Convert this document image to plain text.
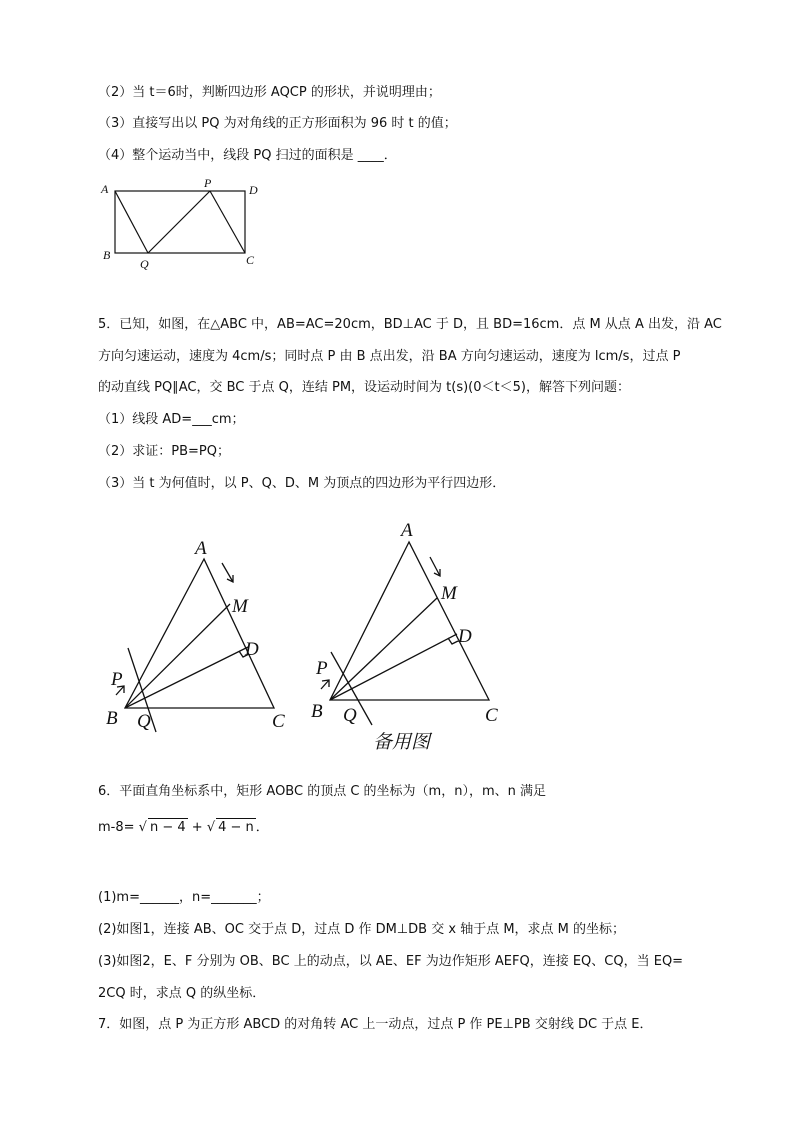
（2）当 t＝6时，判断四边形 AQCP 的形状，并说明理由；
（3）直接写出以 PQ 为对角线的正方形面积为 96 时 t 的值；
（4）整个运动当中，线段 PQ 扫过的面积是 ____．
A	P	D
B
Q	C
5．已知，如图，在△ABC 中，AB=AC=20cm，BD⊥AC 于 D，且 BD=16cm．点 M 从点 A 出发，沿 AC
方向匀速运动，速度为 4cm/s；同时点 P 由 B 点出发，沿 BA 方向匀速运动，速度为 lcm/s，过点 P
的动直线 PQ∥AC，交 BC 于点 Q，连结 PM，设运动时间为 t(s)(0＜t＜5)，解答下列问题：
（1）线段 AD=___cm；
（2）求证：PB=PQ；
（3）当 t 为何值时，以 P、Q、D、M 为顶点的四边形为平行四边形．
A
M
D
P
B Q	C
A
M
D
P
B Q	C
备用图
6．平面直角坐标系中，矩形 AOBC 的顶点 C 的坐标为（m，n），m、n 满足
m-8= √ n − 4 + √ 4 − n ．
(1)m=______，n=_______；
(2)如图1，连接 AB、OC 交于点 D，过点 D 作 DM⊥DB 交 x 轴于点 M，求点 M 的坐标；
(3)如图2，E、F 分别为 OB、BC 上的动点，以 AE、EF 为边作矩形 AEFQ，连接 EQ、CQ，当 EQ=
2CQ 时，求点 Q 的纵坐标．
7．如图，点 P 为正方形 ABCD 的对角转 AC 上一动点，过点 P 作 PE⊥PB 交射线 DC 于点 E．
